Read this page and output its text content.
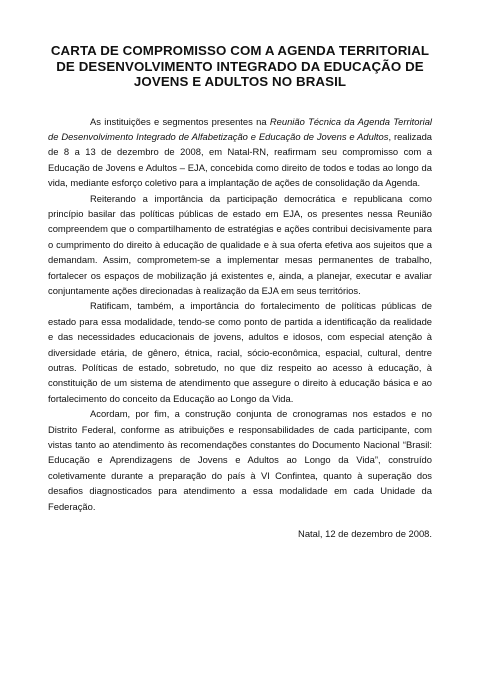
CARTA DE COMPROMISSO COM A AGENDA TERRITORIAL
DE DESENVOLVIMENTO INTEGRADO DA EDUCAÇÃO DE
JOVENS E ADULTOS NO BRASIL

As instituições e segmentos presentes na Reunião Técnica da Agenda Territorial de Desenvolvimento Integrado de Alfabetização e Educação de Jovens e Adultos, realizada de 8 a 13 de dezembro de 2008, em Natal-RN, reafirmam seu compromisso com a Educação de Jovens e Adultos – EJA, concebida como direito de todos e todas ao longo da vida, mediante esforço coletivo para a implantação de ações de consolidação da Agenda.

Reiterando a importância da participação democrática e republicana como princípio basilar das políticas públicas de estado em EJA, os presentes nessa Reunião compreendem que o compartilhamento de estratégias e ações contribui decisivamente para o cumprimento do direito à educação de qualidade e à sua oferta efetiva aos sujeitos que a demandam. Assim, comprometem-se a implementar mesas permanentes de trabalho, fortalecer os espaços de mobilização já existentes e, ainda, a planejar, executar e avaliar conjuntamente ações direcionadas à realização da EJA em seus territórios.

Ratificam, também, a importância do fortalecimento de políticas públicas de estado para essa modalidade, tendo-se como ponto de partida a identificação da realidade e das necessidades educacionais de jovens, adultos e idosos, com especial atenção à diversidade etária, de gênero, étnica, racial, sócio-econômica, espacial, cultural, dentre outras. Políticas de estado, sobretudo, no que diz respeito ao acesso à educação, à constituição de um sistema de atendimento que assegure o direito à educação básica e ao fortalecimento do conceito da Educação ao Longo da Vida.

Acordam, por fim, a construção conjunta de cronogramas nos estados e no Distrito Federal, conforme as atribuições e responsabilidades de cada participante, com vistas tanto ao atendimento às recomendações constantes do Documento Nacional “Brasil: Educação e Aprendizagens de Jovens e Adultos ao Longo da Vida”, construído coletivamente durante a preparação do país à VI Confintea, quanto à superação dos desafios diagnosticados para atendimento a essa modalidade em cada Unidade da Federação.

Natal, 12 de dezembro de 2008.
